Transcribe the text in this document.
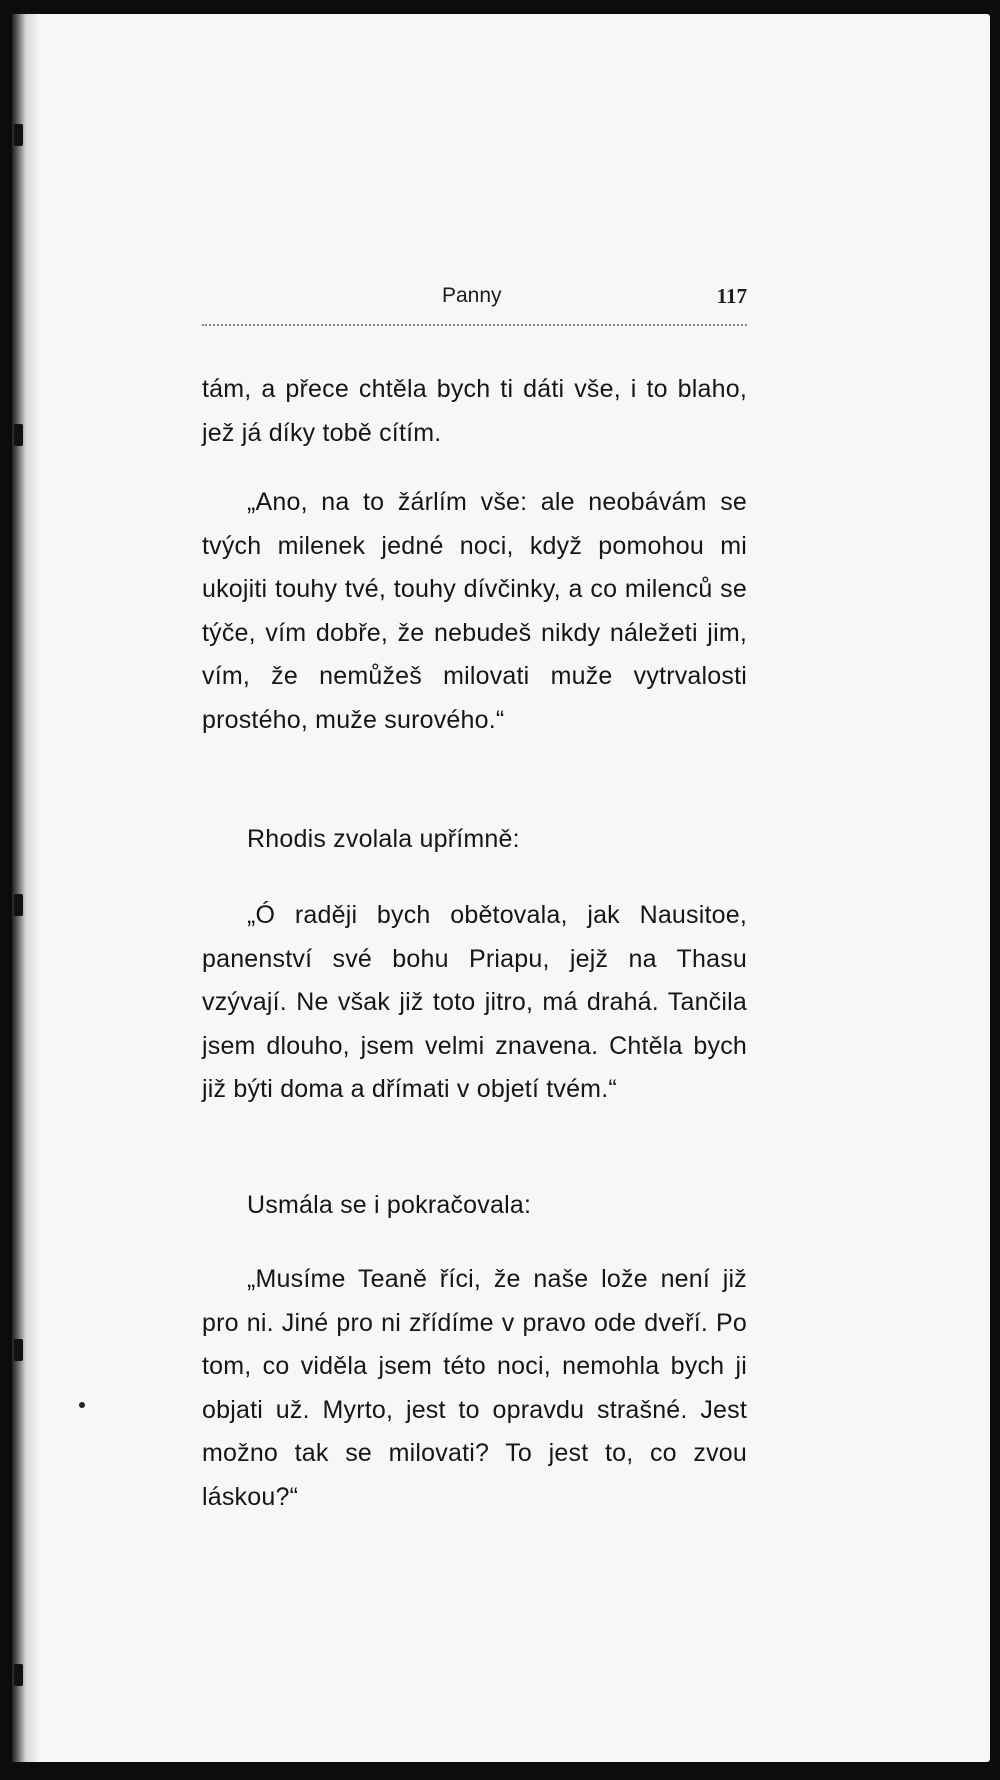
Panny	117

tám, a přece chtěla bych ti dáti vše, i to blaho, jež já díky tobě cítím.

„Ano, na to žárlím vše: ale neobávám se tvých milenek jedné noci, když pomohou mi ukojiti touhy tvé, touhy dívčinky, a co milenců se týče, vím dobře, že nebudeš nikdy náležeti jim, vím, že nemůžeš milovati muže vytrvalosti prostého, muže surového.“

Rhodis zvolala upřímně:

„Ó raději bych obětovala, jak Nausitoe, panenství své bohu Priapu, jejž na Thasu vzývají. Ne však již toto jitro, má drahá. Tančila jsem dlouho, jsem velmi znavena. Chtěla bych již býti doma a dřímati v objetí tvém.“

Usmála se i pokračovala:

„Musíme Teaně říci, že naše lože není již pro ni. Jiné pro ni zřídíme v pravo ode dveří. Po tom, co viděla jsem této noci, nemohla bych ji objati už. Myrto, jest to opravdu strašné. Jest možno tak se milovati? To jest to, co zvou láskou?“
